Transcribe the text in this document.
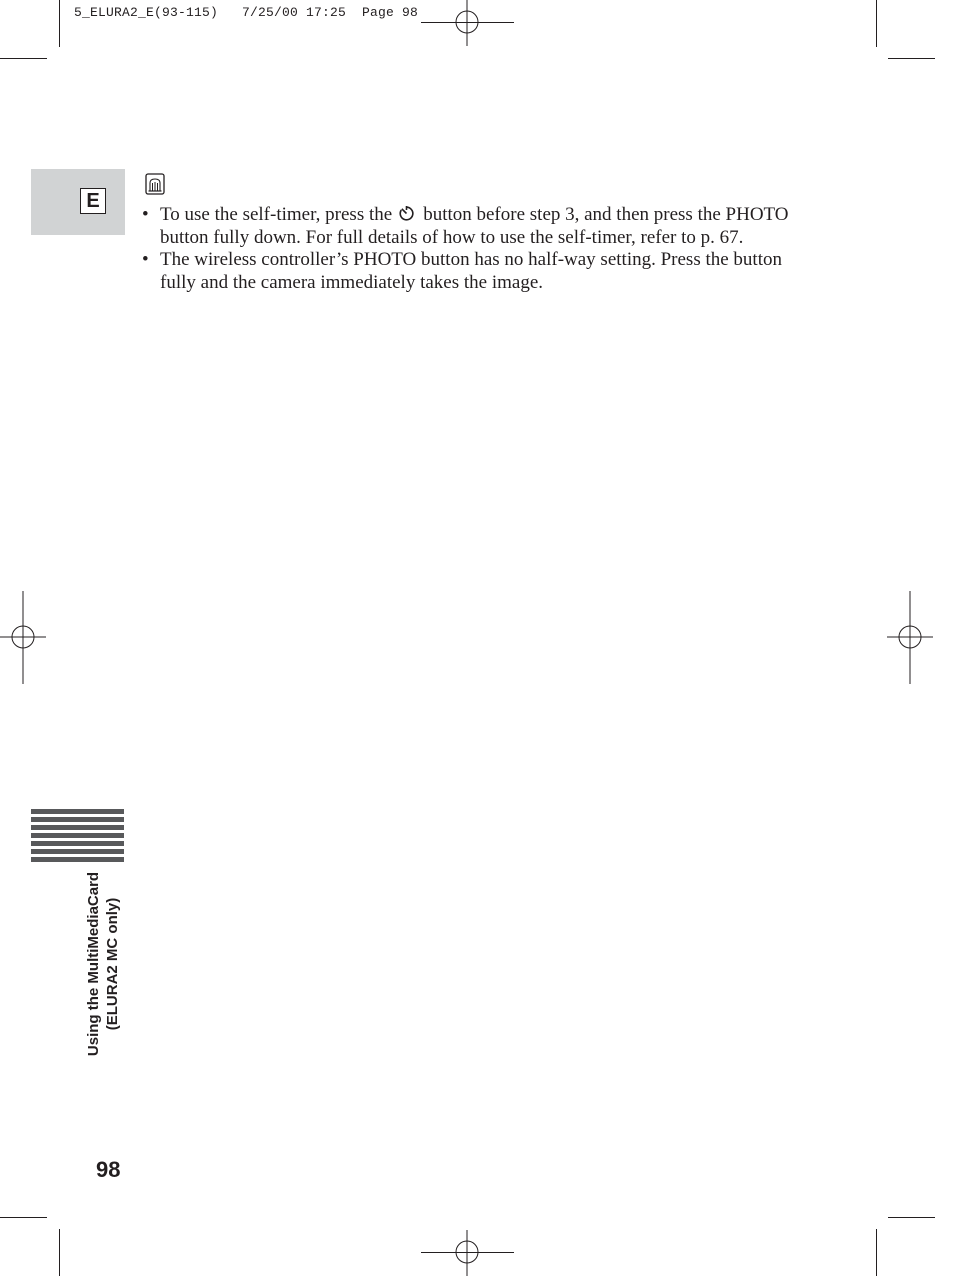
5_ELURA2_E(93-115)   7/25/00 17:25  Page 98
E

• To use the self-timer, press the button before step 3, and then press the PHOTO button fully down. For full details of how to use the self-timer, refer to p. 67.

• The wireless controller’s PHOTO button has no half-way setting. Press the button fully and the camera immediately takes the image.

Using the MultiMediaCard (ELURA2 MC only)
98
